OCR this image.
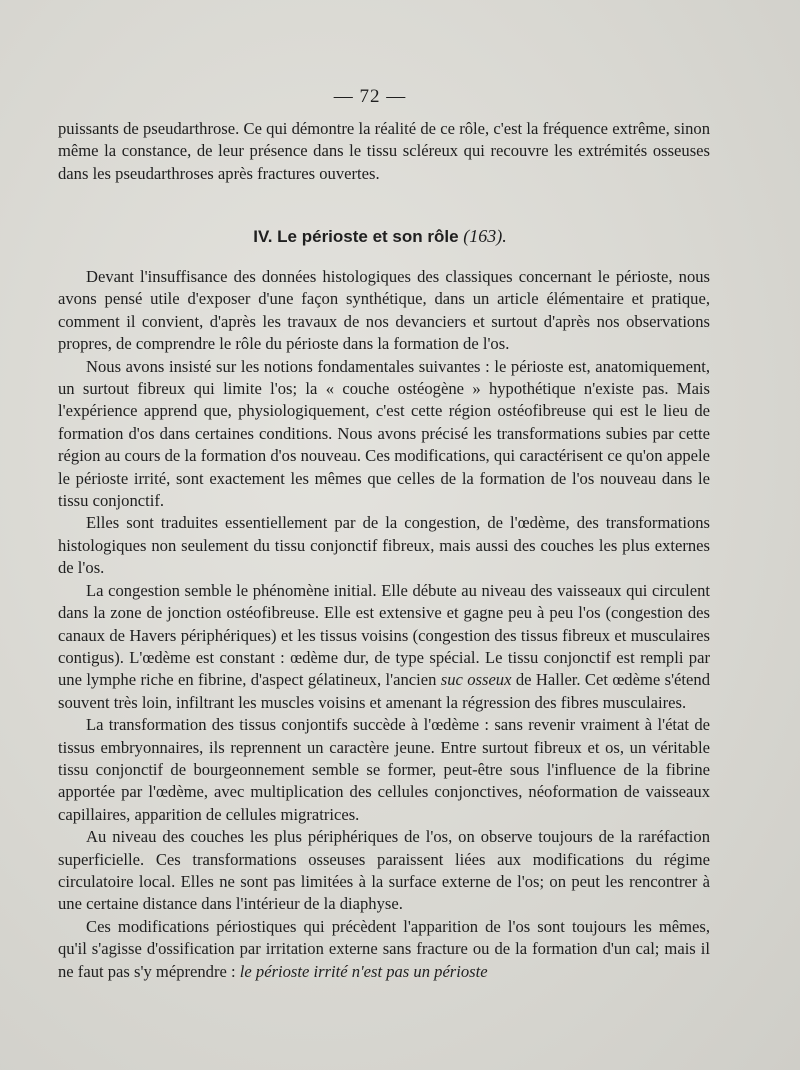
— 72 —

puissants de pseudarthrose. Ce qui démontre la réalité de ce rôle, c'est la fréquence extrême, sinon même la constance, de leur présence dans le tissu scléreux qui recouvre les extrémités osseuses dans les pseudarthroses après fractures ouvertes.

IV. Le périoste et son rôle (163).

Devant l'insuffisance des données histologiques des classiques concernant le périoste, nous avons pensé utile d'exposer d'une façon synthétique, dans un article élémentaire et pratique, comment il convient, d'après les travaux de nos devanciers et surtout d'après nos observations propres, de comprendre le rôle du périoste dans la formation de l'os.

Nous avons insisté sur les notions fondamentales suivantes : le périoste est, anatomiquement, un surtout fibreux qui limite l'os; la « couche ostéogène » hypothétique n'existe pas. Mais l'expérience apprend que, physiologiquement, c'est cette région ostéofibreuse qui est le lieu de formation d'os dans certaines conditions. Nous avons précisé les transformations subies par cette région au cours de la formation d'os nouveau. Ces modifications, qui caractérisent ce qu'on appele le périoste irrité, sont exactement les mêmes que celles de la formation de l'os nouveau dans le tissu conjonctif.

Elles sont traduites essentiellement par de la congestion, de l'œdème, des transformations histologiques non seulement du tissu conjonctif fibreux, mais aussi des couches les plus externes de l'os.

La congestion semble le phénomène initial. Elle débute au niveau des vaisseaux qui circulent dans la zone de jonction ostéofibreuse. Elle est extensive et gagne peu à peu l'os (congestion des canaux de Havers périphériques) et les tissus voisins (congestion des tissus fibreux et musculaires contigus). L'œdème est constant : œdème dur, de type spécial. Le tissu conjonctif est rempli par une lymphe riche en fibrine, d'aspect gélatineux, l'ancien suc osseux de Haller. Cet œdème s'étend souvent très loin, infiltrant les muscles voisins et amenant la régression des fibres musculaires.

La transformation des tissus conjontifs succède à l'œdème : sans revenir vraiment à l'état de tissus embryonnaires, ils reprennent un caractère jeune. Entre surtout fibreux et os, un véritable tissu conjonctif de bourgeonnement semble se former, peut-être sous l'influence de la fibrine apportée par l'œdème, avec multiplication des cellules conjonctives, néoformation de vaisseaux capillaires, apparition de cellules migratrices.

Au niveau des couches les plus périphériques de l'os, on observe toujours de la raréfaction superficielle. Ces transformations osseuses paraissent liées aux modifications du régime circulatoire local. Elles ne sont pas limitées à la surface externe de l'os; on peut les rencontrer à une certaine distance dans l'intérieur de la diaphyse.

Ces modifications périostiques qui précèdent l'apparition de l'os sont toujours les mêmes, qu'il s'agisse d'ossification par irritation externe sans fracture ou de la formation d'un cal; mais il ne faut pas s'y méprendre : le périoste irrité n'est pas un périoste
